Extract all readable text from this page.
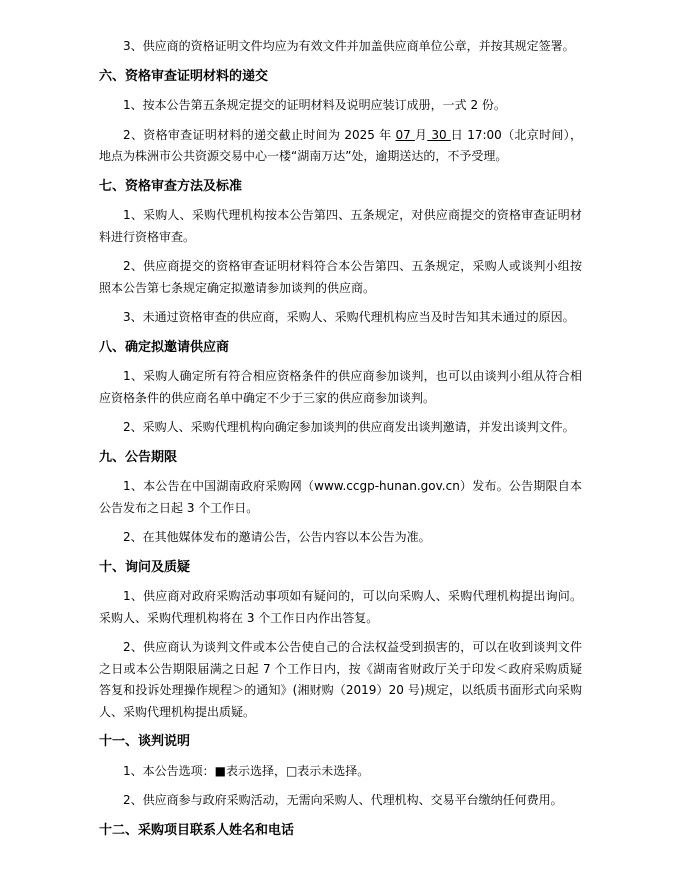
3、供应商的资格证明文件均应为有效文件并加盖供应商单位公章，并按其规定签署。

六、资格审查证明材料的递交

1、按本公告第五条规定提交的证明材料及说明应装订成册，一式 2 份。

2、资格审查证明材料的递交截止时间为 2025 年 07 月 30 日 17:00（北京时间），地点为株洲市公共资源交易中心一楼“湖南万达”处，逾期送达的，不予受理。

七、资格审查方法及标准

1、采购人、采购代理机构按本公告第四、五条规定，对供应商提交的资格审查证明材料进行资格审查。

2、供应商提交的资格审查证明材料符合本公告第四、五条规定，采购人或谈判小组按照本公告第七条规定确定拟邀请参加谈判的供应商。

3、未通过资格审查的供应商，采购人、采购代理机构应当及时告知其未通过的原因。

八、确定拟邀请供应商

1、采购人确定所有符合相应资格条件的供应商参加谈判，也可以由谈判小组从符合相应资格条件的供应商名单中确定不少于三家的供应商参加谈判。

2、采购人、采购代理机构向确定参加谈判的供应商发出谈判邀请，并发出谈判文件。

九、公告期限

1、本公告在中国湖南政府采购网（www.ccgp-hunan.gov.cn）发布。公告期限自本公告发布之日起 3 个工作日。

2、在其他媒体发布的邀请公告，公告内容以本公告为准。

十、询问及质疑

1、供应商对政府采购活动事项如有疑问的，可以向采购人、采购代理机构提出询问。采购人、采购代理机构将在 3 个工作日内作出答复。

2、供应商认为谈判文件或本公告使自己的合法权益受到损害的，可以在收到谈判文件之日或本公告期限届满之日起 7 个工作日内，按《湖南省财政厅关于印发＜政府采购质疑答复和投诉处理操作规程＞的通知》(湘财购（2019）20 号)规定，以纸质书面形式向采购人、采购代理机构提出质疑。

十一、谈判说明

1、本公告选项：■表示选择，□表示未选择。

2、供应商参与政府采购活动，无需向采购人、代理机构、交易平台缴纳任何费用。

十二、采购项目联系人姓名和电话
